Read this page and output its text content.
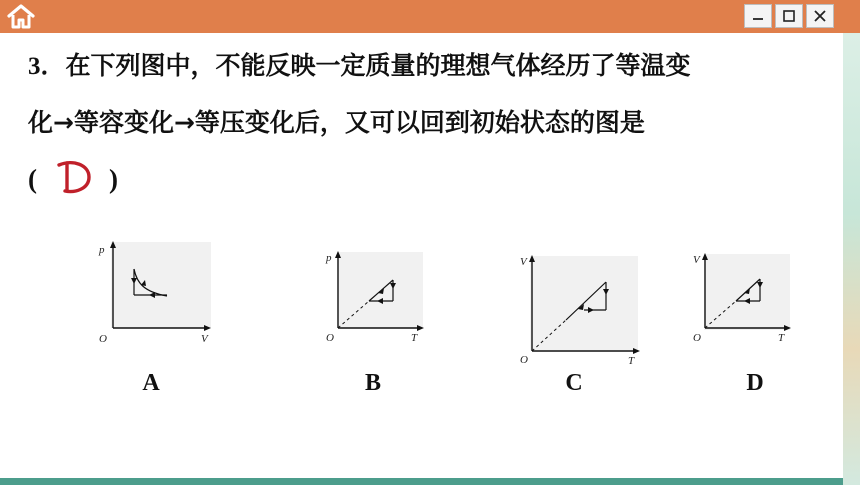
3．在下列图中，不能反映一定质量的理想气体经历了等温变
化→等容变化→等压变化后，又可以回到初始状态的图是
(	)
p
V
O
p
T
O
V
T
O
V
T
O
A	B	C	D
